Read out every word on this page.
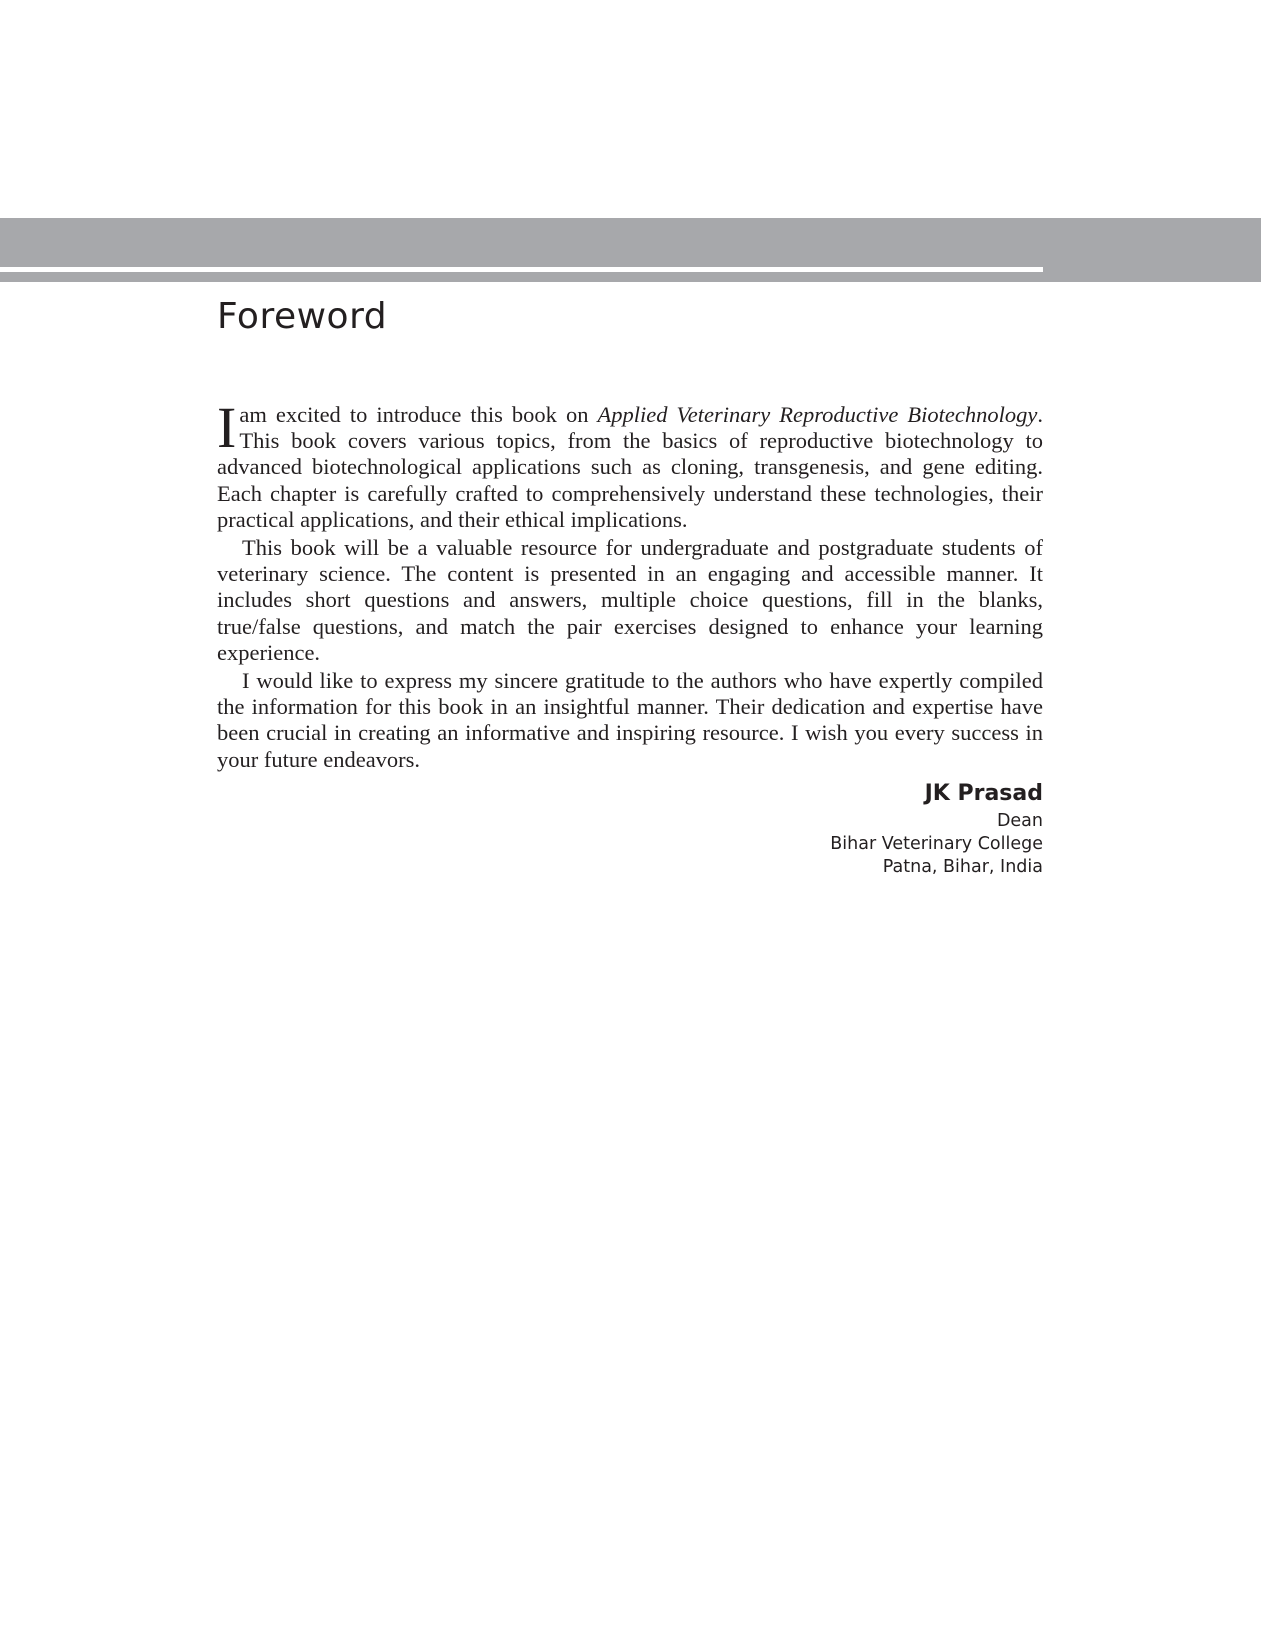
Foreword

I am excited to introduce this book on Applied Veterinary Reproductive Biotechnology. This book covers various topics, from the basics of reproductive biotechnology to advanced biotechnological applications such as cloning, transgenesis, and gene editing. Each chapter is carefully crafted to comprehensively understand these technologies, their practical applications, and their ethical implications.

This book will be a valuable resource for undergraduate and postgraduate students of veterinary science. The content is presented in an engaging and accessible manner. It includes short questions and answers, multiple choice questions, fill in the blanks, true/false questions, and match the pair exercises designed to enhance your learning experience.

I would like to express my sincere gratitude to the authors who have expertly compiled the information for this book in an insightful manner. Their dedication and expertise have been crucial in creating an informative and inspiring resource. I wish you every success in your future endeavors.

JK Prasad
Dean
Bihar Veterinary College
Patna, Bihar, India
